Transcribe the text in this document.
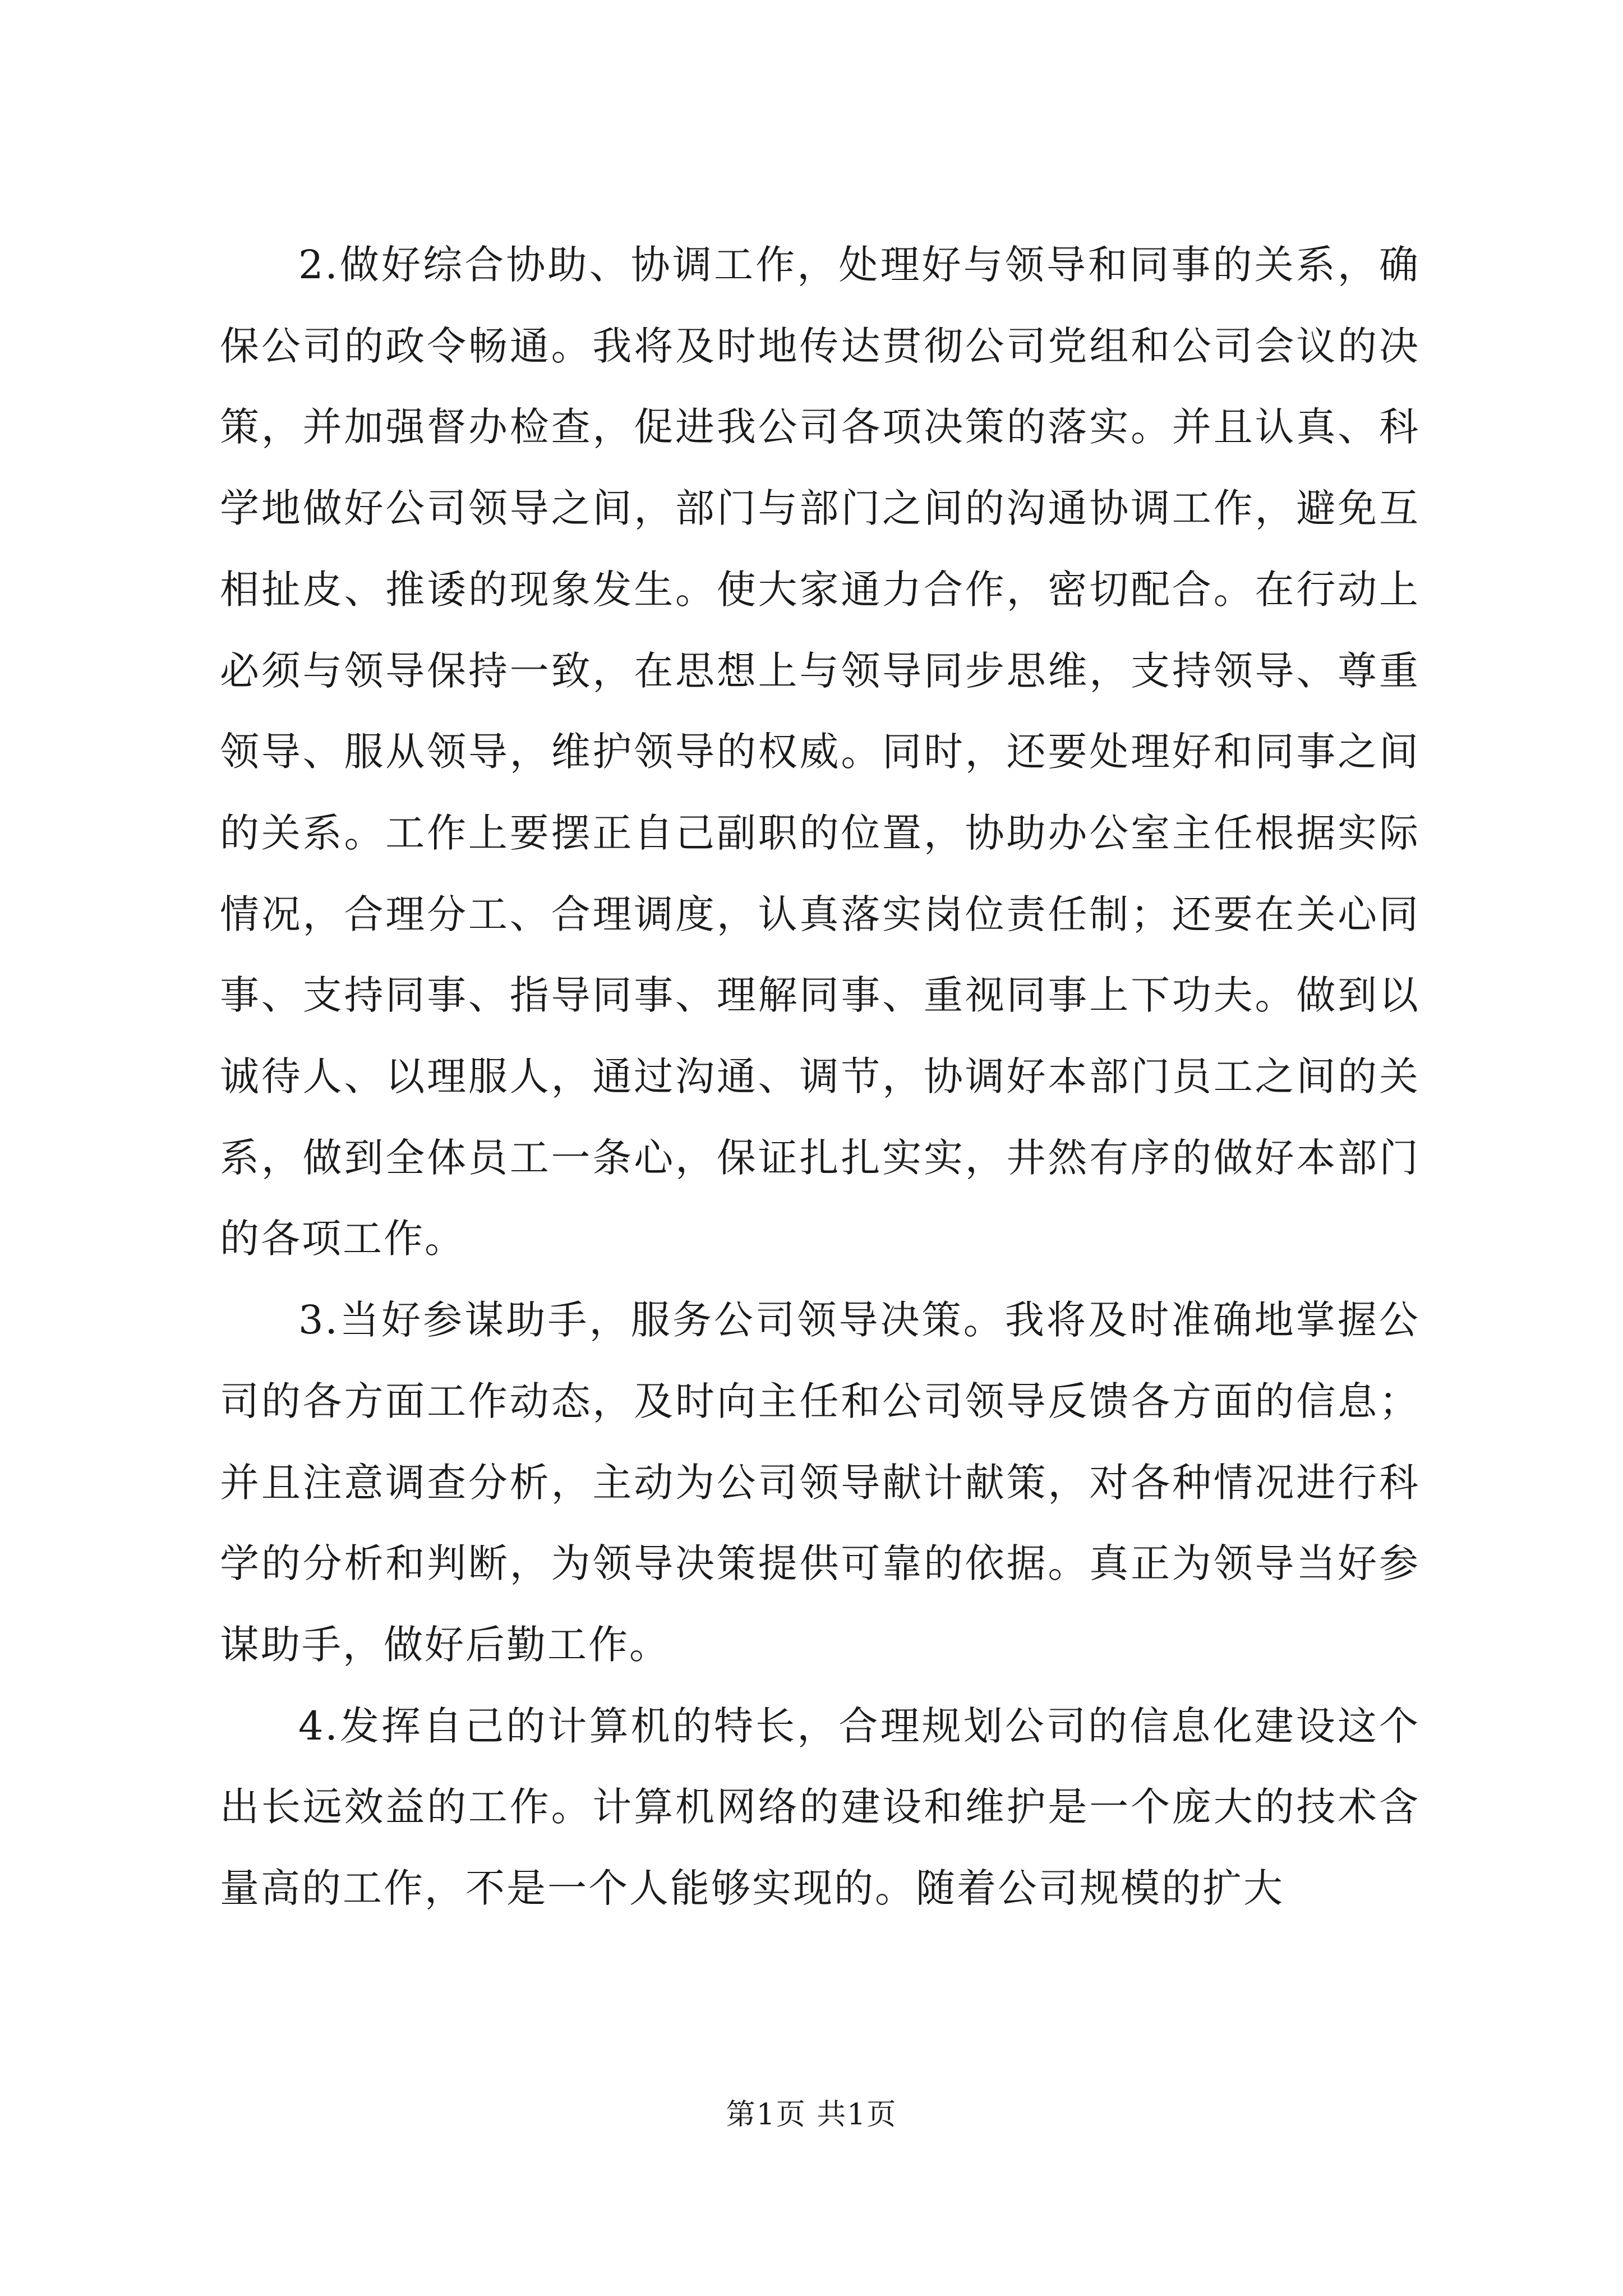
2.做好综合协助、协调工作，处理好与领导和同事的关系，确保公司的政令畅通。我将及时地传达贯彻公司党组和公司会议的决策，并加强督办检查，促进我公司各项决策的落实。并且认真、科学地做好公司领导之间，部门与部门之间的沟通协调工作，避免互相扯皮、推诿的现象发生。使大家通力合作，密切配合。在行动上必须与领导保持一致，在思想上与领导同步思维，支持领导、尊重领导、服从领导，维护领导的权威。同时，还要处理好和同事之间的关系。工作上要摆正自己副职的位置，协助办公室主任根据实际情况，合理分工、合理调度，认真落实岗位责任制；还要在关心同事、支持同事、指导同事、理解同事、重视同事上下功夫。做到以诚待人、以理服人，通过沟通、调节，协调好本部门员工之间的关系，做到全体员工一条心，保证扎扎实实，井然有序的做好本部门的各项工作。

3.当好参谋助手，服务公司领导决策。我将及时准确地掌握公司的各方面工作动态，及时向主任和公司领导反馈各方面的信息；并且注意调查分析，主动为公司领导献计献策，对各种情况进行科学的分析和判断，为领导决策提供可靠的依据。真正为领导当好参谋助手，做好后勤工作。

4.发挥自己的计算机的特长，合理规划公司的信息化建设这个出长远效益的工作。计算机网络的建设和维护是一个庞大的技术含量高的工作，不是一个人能够实现的。随着公司规模的扩大

第1页 共1页
